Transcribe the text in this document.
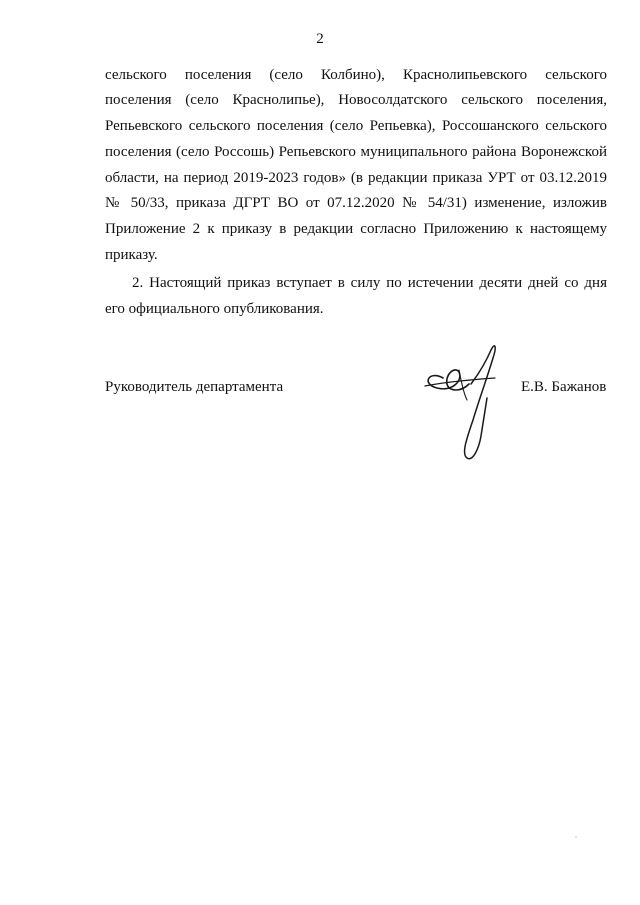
2
сельского поселения (село Колбино), Краснолипьевского сельского
поселения (село Краснолипье), Новосолдатского сельского поселения,
Репьевского сельского поселения (село Репьевка), Россошанского сельского
поселения (село Россошь) Репьевского муниципального района Воронежской
области, на период 2019-2023 годов» (в редакции приказа УРТ от 03.12.2019
№ 50/33, приказа ДГРТ ВО от 07.12.2020 № 54/31) изменение, изложив
Приложение 2 к приказу в редакции согласно Приложению к настоящему
приказу.
2. Настоящий приказ вступает в силу по истечении десяти дней со дня
его официального опубликования.
Руководитель департамента	Е.В. Бажанов
